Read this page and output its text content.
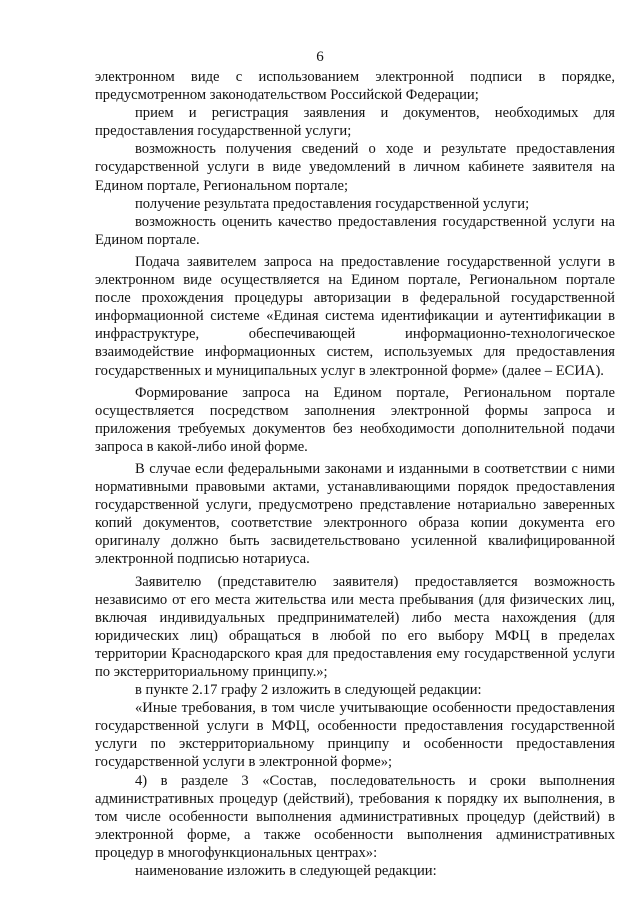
6

электронном виде с использованием электронной подписи в порядке, предусмотренном законодательством Российской Федерации;

прием и регистрация заявления и документов, необходимых для предоставления государственной услуги;

возможность получения сведений о ходе и результате предоставления государственной услуги в виде уведомлений в личном кабинете заявителя на Едином портале, Региональном портале;

получение результата предоставления государственной услуги;

возможность оценить качество предоставления государственной услуги на Едином портале.

Подача заявителем запроса на предоставление государственной услуги в электронном виде осуществляется на Едином портале, Региональном портале после прохождения процедуры авторизации в федеральной государственной информационной системе «Единая система идентификации и аутентификации в инфраструктуре, обеспечивающей информационно-технологическое взаимодействие информационных систем, используемых для предоставления государственных и муниципальных услуг в электронной форме» (далее – ЕСИА).

Формирование запроса на Едином портале, Региональном портале осуществляется посредством заполнения электронной формы запроса и приложения требуемых документов без необходимости дополнительной подачи запроса в какой-либо иной форме.

В случае если федеральными законами и изданными в соответствии с ними нормативными правовыми актами, устанавливающими порядок предоставления государственной услуги, предусмотрено представление нотариально заверенных копий документов, соответствие электронного образа копии документа его оригиналу должно быть засвидетельствовано усиленной квалифицированной электронной подписью нотариуса.

Заявителю (представителю заявителя) предоставляется возможность независимо от его места жительства или места пребывания (для физических лиц, включая индивидуальных предпринимателей) либо места нахождения (для юридических лиц) обращаться в любой по его выбору МФЦ в пределах территории Краснодарского края для предоставления ему государственной услуги по экстерриториальному принципу.»;

в пункте 2.17 графу 2 изложить в следующей редакции:

«Иные требования, в том числе учитывающие особенности предоставления государственной услуги в МФЦ, особенности предоставления государственной услуги по экстерриториальному принципу и особенности предоставления государственной услуги в электронной форме»;

4) в разделе 3 «Состав, последовательность и сроки выполнения административных процедур (действий), требования к порядку их выполнения, в том числе особенности выполнения административных процедур (действий) в электронной форме, а также особенности выполнения административных процедур в многофункциональных центрах»:

наименование изложить в следующей редакции:
